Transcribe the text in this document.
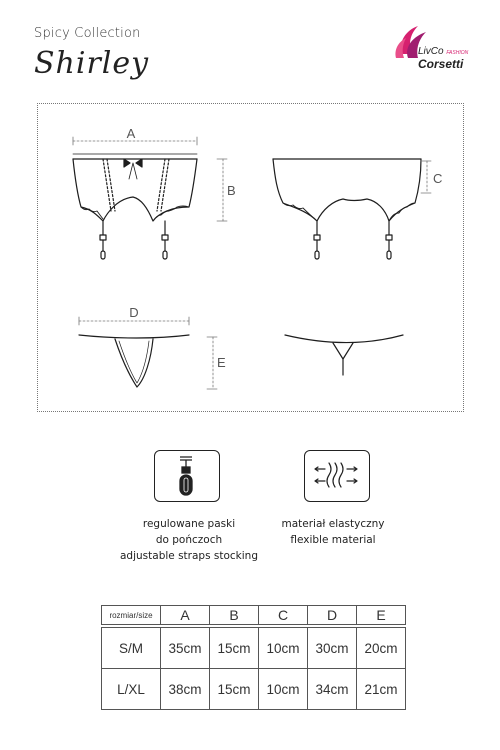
Spicy Collection
Shirley	LivCo FASHION
Corsetti
A
B
C
D
E
regulowane paski
do pończoch
adjustable straps stocking
materiał elastyczny
flexible material
rozmiar/size	A	B	C	D	E

S/M	35cm	15cm	10cm	30cm	20cm
L/XL	38cm	15cm	10cm	34cm	21cm
